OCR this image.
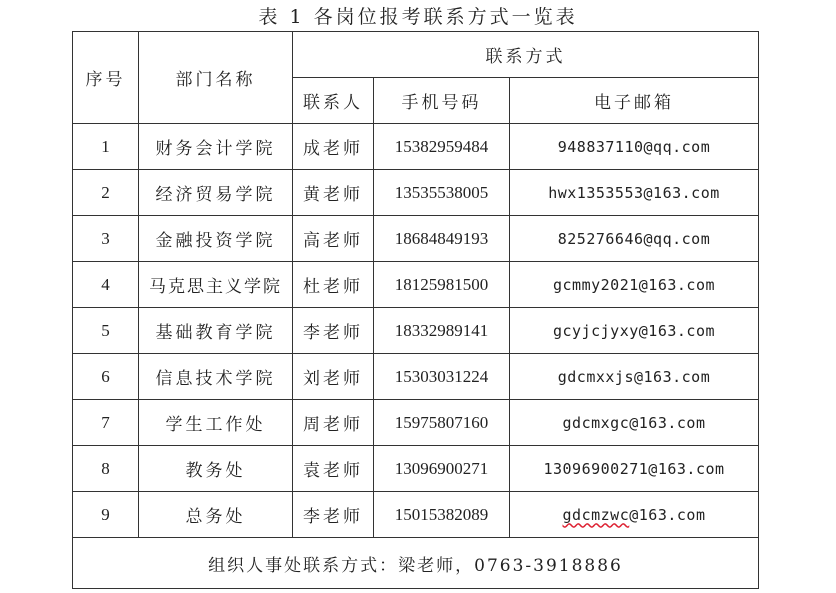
表 1 各岗位报考联系方式一览表
序号	部门名称	联系方式		
		联系人	手机号码	电子邮箱
1	财务会计学院	成老师	15382959484	948837110@qq.com
2	经济贸易学院	黄老师	13535538005	hwx1353553@163.com
3	金融投资学院	高老师	18684849193	825276646@qq.com
4	马克思主义学院	杜老师	18125981500	gcmmy2021@163.com
5	基础教育学院	李老师	18332989141	gcyjcjyxy@163.com
6	信息技术学院	刘老师	15303031224	gdcmxxjs@163.com
7	学生工作处	周老师	15975807160	gdcmxgc@163.com
8	教务处	袁老师	13096900271	13096900271@163.com
9	总务处	李老师	15015382089	gdcmzwc@163.com
组织人事处联系方式：梁老师，0763-3918886				
